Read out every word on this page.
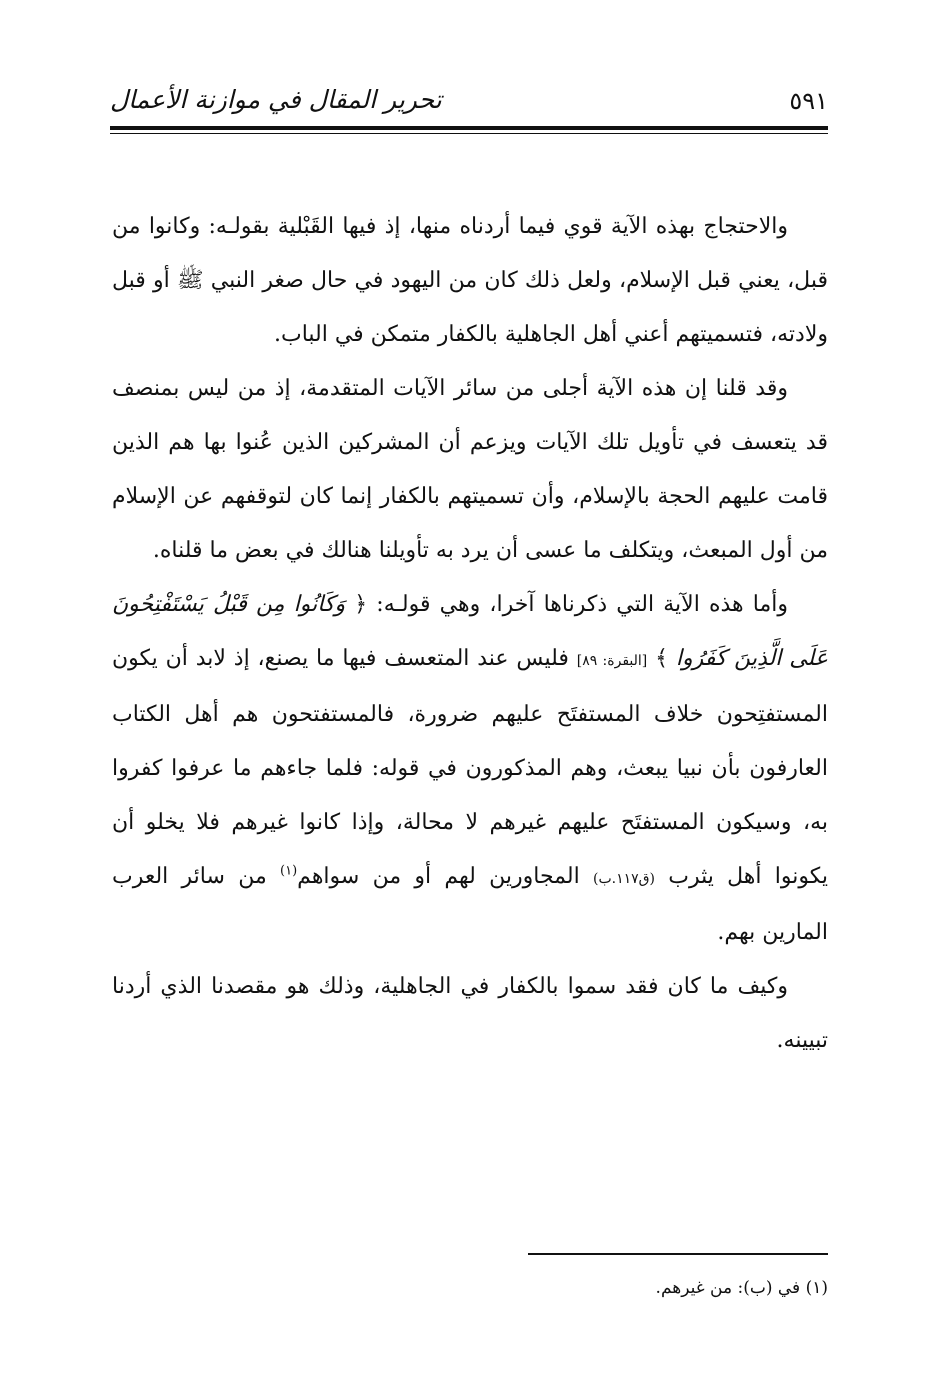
٥٩١
تحرير المقال في موازنة الأعمال

والاحتجاج بهذه الآية قوي فيما أردناه منها، إذ فيها القَبْلية بقولـه: وكانوا من قبل، يعني قبل الإسلام، ولعل ذلك كان من اليهود في حال صغر النبي ﷺ أو قبل ولادته، فتسميتهم أعني أهل الجاهلية بالكفار متمكن في الباب.

وقد قلنا إن هذه الآية أجلى من سائر الآيات المتقدمة، إذ من ليس بمنصف قد يتعسف في تأويل تلك الآيات ويزعم أن المشركين الذين عُنوا بها هم الذين قامت عليهم الحجة بالإسلام، وأن تسميتهم بالكفار إنما كان لتوقفهم عن الإسلام من أول المبعث، ويتكلف ما عسى أن يرد به تأويلنا هنالك في بعض ما قلناه.

وأما هذه الآية التي ذكرناها آخرا، وهي قولـه: ﴿ وَكَانُوا مِن قَبْلُ يَسْتَفْتِحُونَ عَلَى الَّذِينَ كَفَرُوا ﴾ [البقرة: ٨٩] فليس عند المتعسف فيها ما يصنع، إذ لابد أن يكون المستفتِحون خلاف المستفتَح عليهم ضرورة، فالمستفتحون هم أهل الكتاب العارفون بأن نبيا يبعث، وهم المذكورون في قوله: فلما جاءهم ما عرفوا كفروا به، وسيكون المستفتَح عليهم غيرهم لا محالة، وإذا كانوا غيرهم فلا يخلو أن يكونوا أهل يثرب (ق١١٧.ب) المجاورين لهم أو من سواهم$^{(١)}$ من سائر العرب المارين بهم.

وكيف ما كان فقد سموا بالكفار في الجاهلية، وذلك هو مقصدنا الذي أردنا تبيينه.

(١) في (ب): من غيرهم.
